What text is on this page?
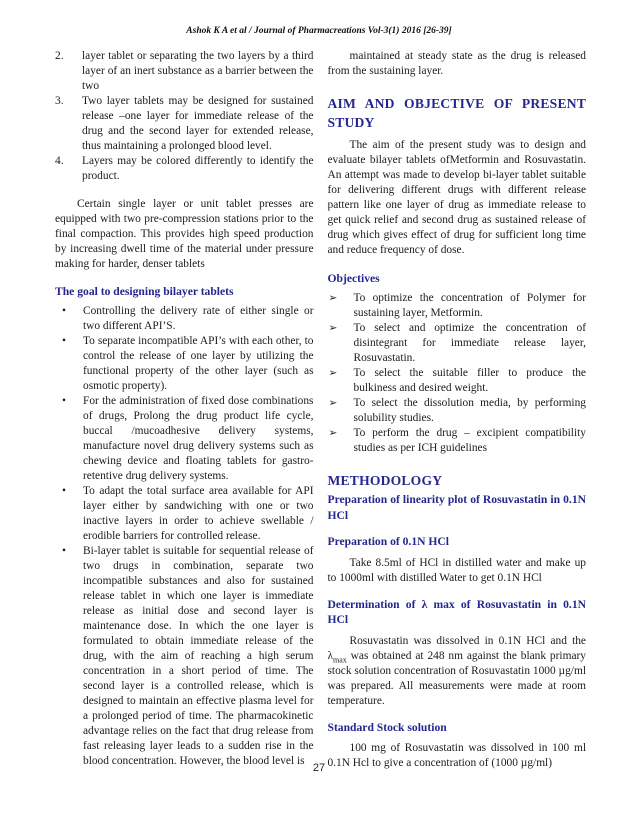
Ashok K A et al / Journal of Pharmacreations Vol-3(1) 2016 [26-39]
2.	layer tablet or separating the two layers by a third layer of an inert substance as a barrier between the two
3.	Two layer tablets may be designed for sustained release –one layer for immediate release of the drug and the second layer for extended release, thus maintaining a prolonged blood level.
4.	Layers may be colored differently to identify the product.

Certain single layer or unit tablet presses are equipped with two pre-compression stations prior to the final compaction. This provides high speed production by increasing dwell time of the material under pressure making for harder, denser tablets

The goal to designing bilayer tablets
•	Controlling the delivery rate of either single or two different API’S.
•	To separate incompatible API’s with each other, to control the release of one layer by utilizing the functional property of the other layer (such as osmotic property).
•	For the administration of fixed dose combinations of drugs, Prolong the drug product life cycle, buccal /mucoadhesive delivery systems, manufacture novel drug delivery systems such as chewing device and floating tablets for gastro-retentive drug delivery systems.
•	To adapt the total surface area available for API layer either by sandwiching with one or two inactive layers in order to achieve swellable / erodible barriers for controlled release.
•	Bi-layer tablet is suitable for sequential release of two drugs in combination, separate two incompatible substances and also for sustained release tablet in which one layer is immediate release as initial dose and second layer is maintenance dose. In which the one layer is formulated to obtain immediate release of the drug, with the aim of reaching a high serum concentration in a short period of time. The second layer is a controlled release, which is designed to maintain an effective plasma level for a prolonged period of time. The pharmacokinetic advantage relies on the fact that drug release from fast releasing layer leads to a sudden rise in the blood concentration. However, the blood level is

maintained at steady state as the drug is released from the sustaining layer.

AIM AND OBJECTIVE OF PRESENT STUDY

The aim of the present study was to design and evaluate bilayer tablets ofMetformin and Rosuvastatin. An attempt was made to develop bi-layer tablet suitable for delivering different drugs with different release pattern like one layer of drug as immediate release to get quick relief and second drug as sustained release of drug which gives effect of drug for sufficient long time and reduce frequency of dose.

Objectives
➢	To optimize the concentration of Polymer for sustaining layer, Metformin.
➢	To select and optimize the concentration of disintegrant for immediate release layer, Rosuvastatin.
➢	To select the suitable filler to produce the bulkiness and desired weight.
➢	To select the dissolution media, by performing solubility studies.
➢	To perform the drug – excipient compatibility studies as per ICH guidelines
METHODOLOGY
Preparation of linearity plot of Rosuvastatin in 0.1N HCl
Preparation of 0.1N HCl

Take 8.5ml of HCl in distilled water and make up to 1000ml with distilled Water to get 0.1N HCl

Determination of λ max of Rosuvastatin in 0.1N HCl

Rosuvastatin was dissolved in 0.1N HCl and the $\lambda_{max}$ was obtained at 248 nm against the blank primary stock solution concentration of Rosuvastatin 1000 µg/ml was prepared. All measurements were made at room temperature.

Standard Stock solution

100 mg of Rosuvastatin was dissolved in 100 ml 0.1N Hcl to give a concentration of (1000 µg/ml)

27
